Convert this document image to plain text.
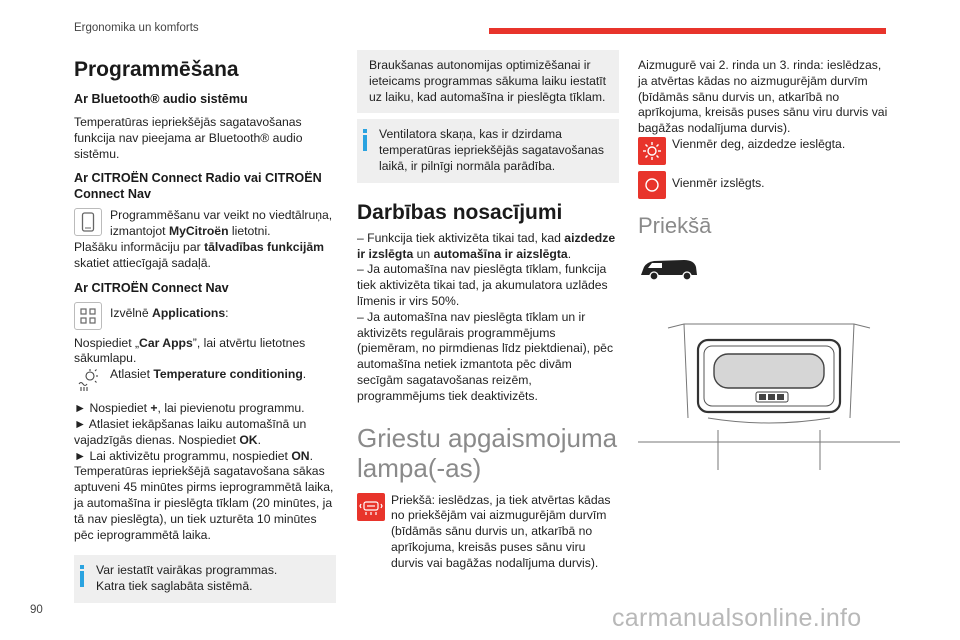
Ergonomika un komforts

Programmēšana

Ar Bluetooth® audio sistēmu

Temperatūras iepriekšējās sagatavošanas funkcija nav pieejama ar Bluetooth® audio sistēmu.

Ar CITROËN Connect Radio vai CITROËN Connect Nav

Programmēšanu var veikt no viedtālruņa, izmantojot MyCitroën lietotni.

Plašāku informāciju par tālvadības funkcijām skatiet attiecīgajā sadaļā.

Ar CITROËN Connect Nav

Izvēlnē Applications:

Nospiediet „Car Apps”, lai atvērtu lietotnes sākumlapu.

Atlasiet Temperature conditioning.

► Nospiediet +, lai pievienotu programmu.

► Atlasiet iekāpšanas laiku automašīnā un vajadzīgās dienas. Nospiediet OK.

► Lai aktivizētu programmu, nospiediet ON.

Temperatūras iepriekšējā sagatavošana sākas aptuveni 45 minūtes pirms ieprogrammētā laika, ja automašīna ir pieslēgta tīklam (20 minūtes, ja tā nav pieslēgta), un tiek uzturēta 10 minūtes pēc ieprogrammētā laika.

Var iestatīt vairākas programmas.

Katra tiek saglabāta sistēmā.

Braukšanas autonomijas optimizēšanai ir ieteicams programmas sākuma laiku iestatīt uz laiku, kad automašīna ir pieslēgta tīklam.

Ventilatora skaņa, kas ir dzirdama temperatūras iepriekšējās sagatavošanas laikā, ir pilnīgi normāla parādība.

Darbības nosacījumi

– Funkcija tiek aktivizēta tikai tad, kad aizdedze ir izslēgta un automašīna ir aizslēgta.

– Ja automašīna nav pieslēgta tīklam, funkcija tiek aktivizēta tikai tad, ja akumulatora uzlādes līmenis ir virs 50%.

– Ja automašīna nav pieslēgta tīklam un ir aktivizēts regulārais programmējums (piemēram, no pirmdienas līdz piektdienai), pēc automašīna netiek izmantota pēc divām secīgām sagatavošanas reizēm, programmējums tiek deaktivizēts.

Griestu apgaismojuma lampa(-as)

Priekšā: ieslēdzas, ja tiek atvērtas kādas no priekšējām vai aizmugurējām durvīm (bīdāmās sānu durvis un, atkarībā no aprīkojuma, kreisās puses sānu viru durvis vai bagāžas nodalījuma durvis).

Aizmugurē vai 2. rinda un 3. rinda: ieslēdzas, ja atvērtas kādas no aizmugurējām durvīm (bīdāmās sānu durvis un, atkarībā no aprīkojuma, kreisās puses sānu viru durvis vai bagāžas nodalījuma durvis).

Vienmēr deg, aizdedze ieslēgta.

Vienmēr izslēgts.

Priekšā

90	carmanualsonline.info
